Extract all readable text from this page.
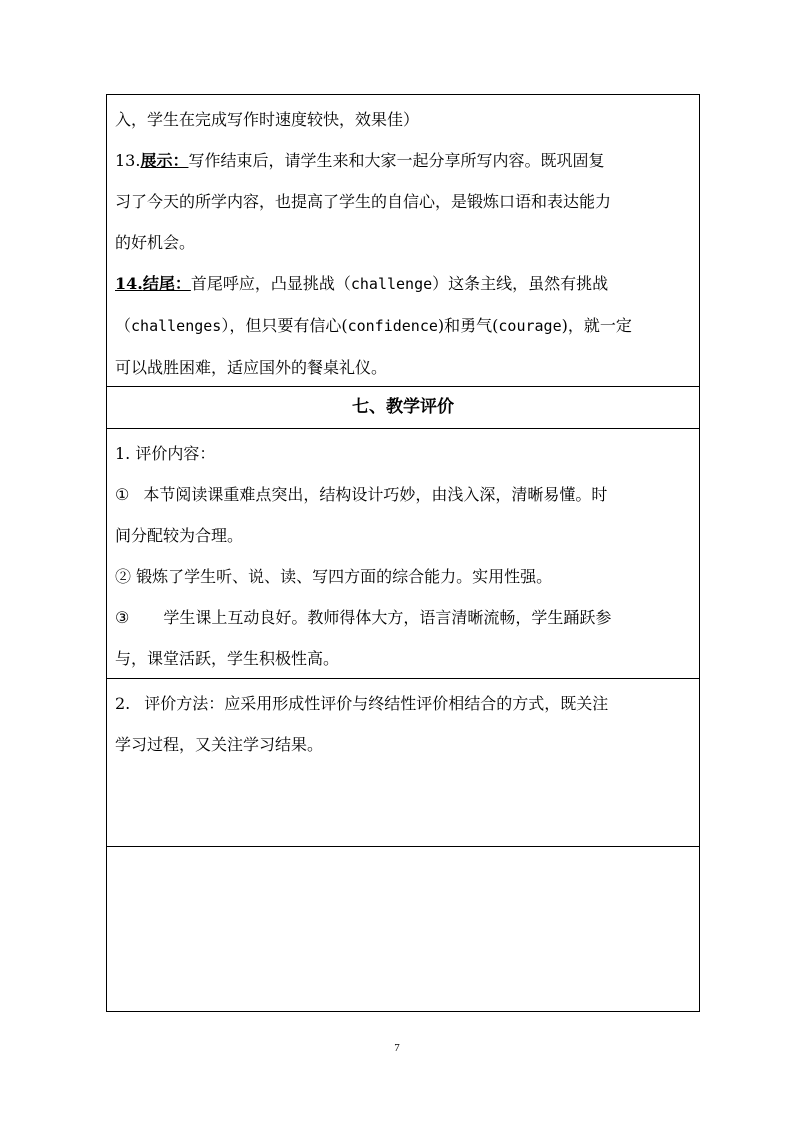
入，学生在完成写作时速度较快，效果佳）

13.展示：写作结束后，请学生来和大家一起分享所写内容。既巩固复

习了今天的所学内容，也提高了学生的自信心，是锻炼口语和表达能力

的好机会。

14.结尾：首尾呼应，凸显挑战（challenge）这条主线，虽然有挑战

（challenges），但只要有信心(confidence)和勇气(courage)，就一定

可以战胜困难，适应国外的餐桌礼仪。

七、教学评价

1. 评价内容：

① 本节阅读课重难点突出，结构设计巧妙，由浅入深，清晰易懂。时

间分配较为合理。

② 锻炼了学生听、说、读、写四方面的综合能力。实用性强。

③ 学生课上互动良好。教师得体大方，语言清晰流畅，学生踊跃参

与，课堂活跃，学生积极性高。

2. 评价方法：应采用形成性评价与终结性评价相结合的方式，既关注

学习过程，又关注学习结果。

7
